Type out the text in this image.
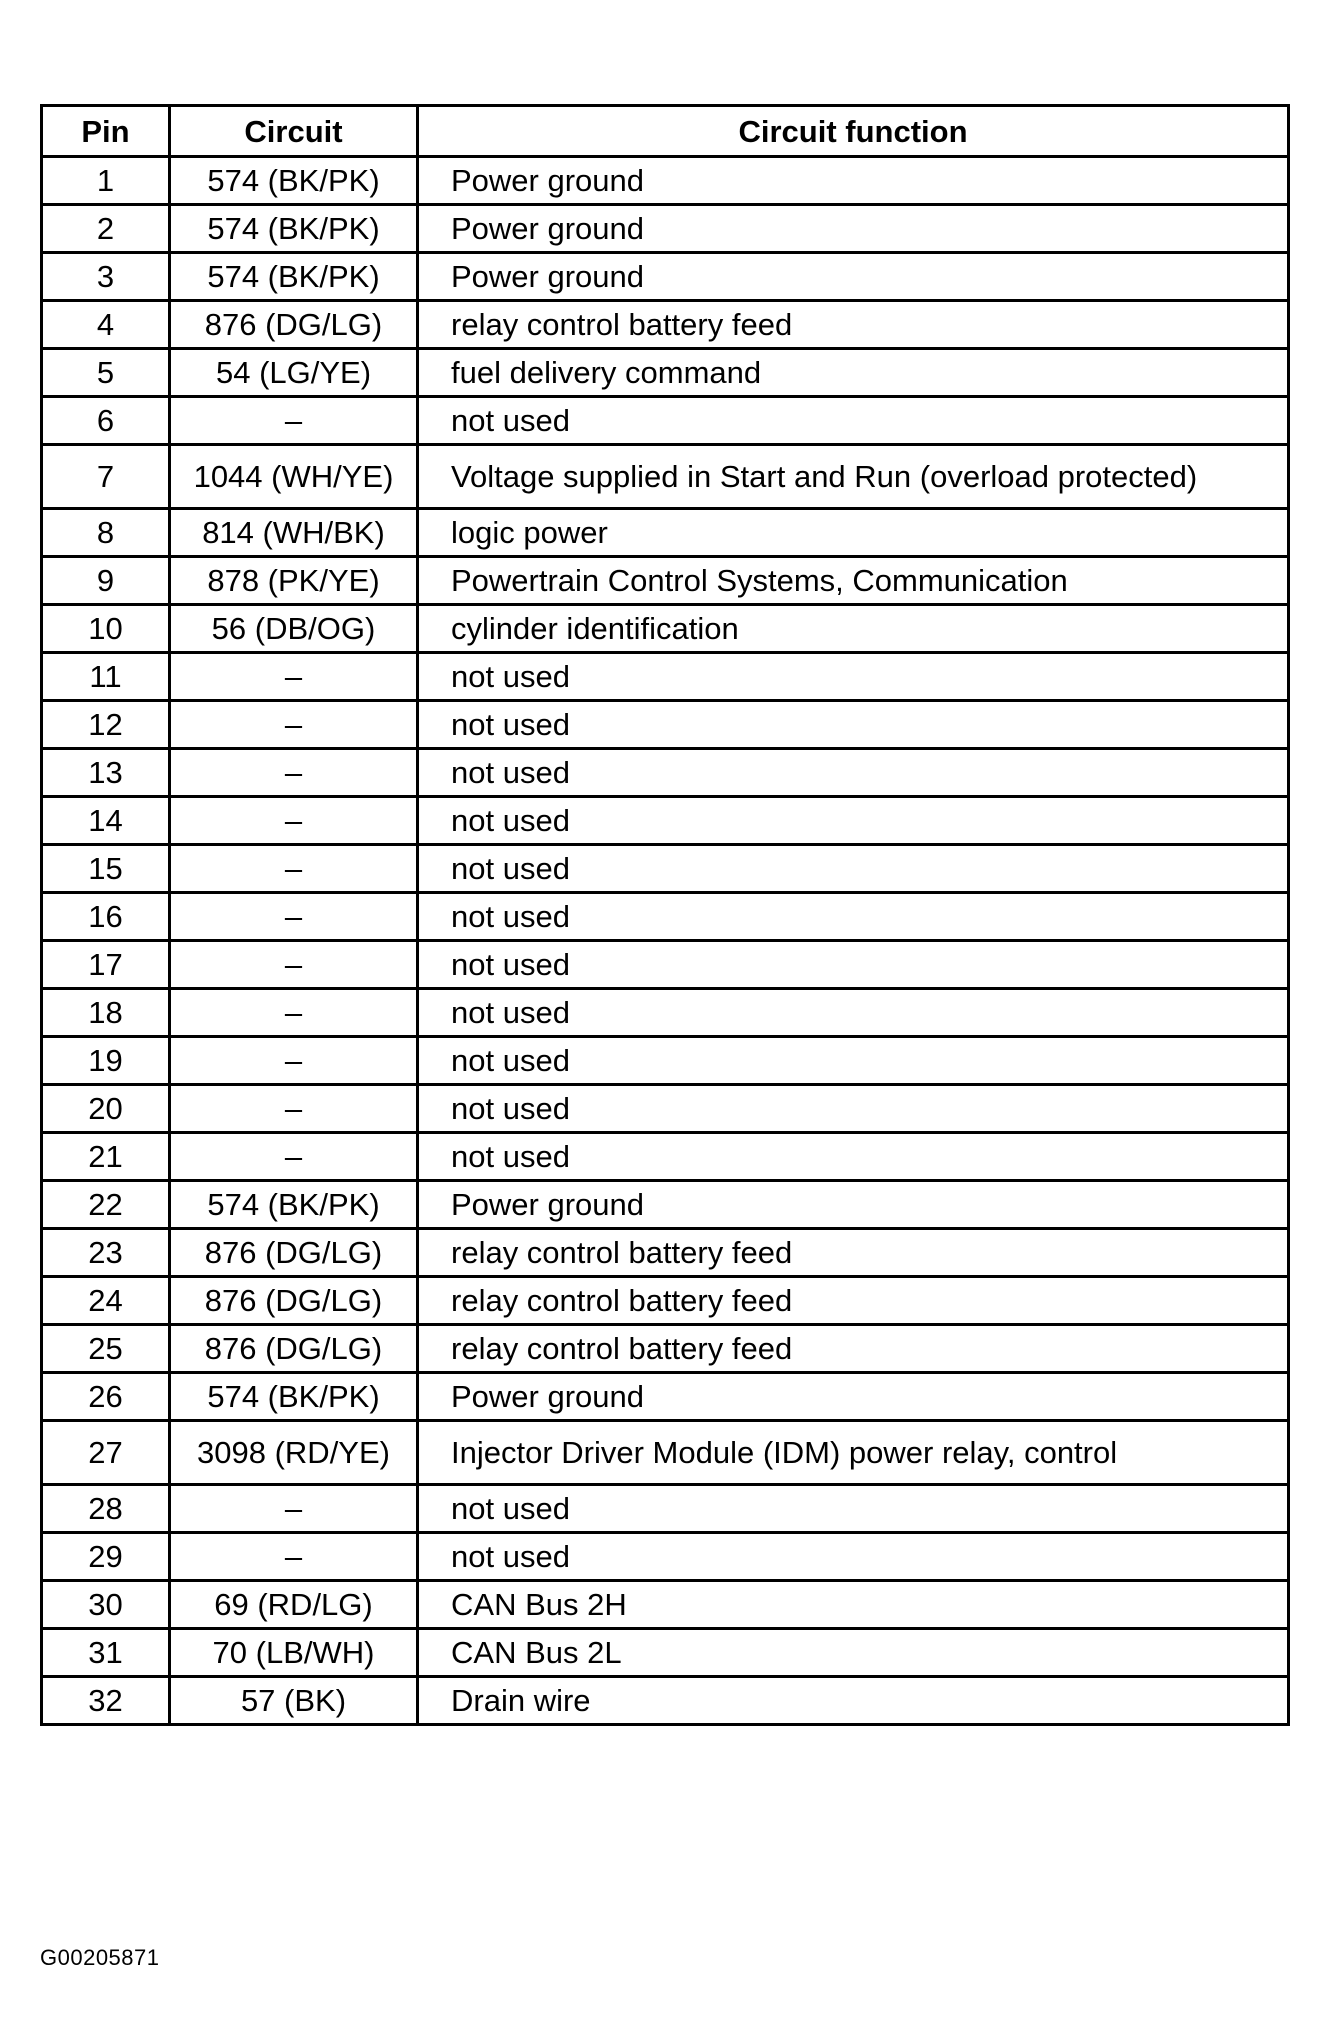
Pin	Circuit	Circuit function
1	574 (BK/PK)	Power ground
2	574 (BK/PK)	Power ground
3	574 (BK/PK)	Power ground
4	876 (DG/LG)	relay control battery feed
5	54 (LG/YE)	fuel delivery command
6	–	not used
7	1044 (WH/YE)	Voltage supplied in Start and Run (overload protected)
8	814 (WH/BK)	logic power
9	878 (PK/YE)	Powertrain Control Systems, Communication
10	56 (DB/OG)	cylinder identification
11	–	not used
12	–	not used
13	–	not used
14	–	not used
15	–	not used
16	–	not used
17	–	not used
18	–	not used
19	–	not used
20	–	not used
21	–	not used
22	574 (BK/PK)	Power ground
23	876 (DG/LG)	relay control battery feed
24	876 (DG/LG)	relay control battery feed
25	876 (DG/LG)	relay control battery feed
26	574 (BK/PK)	Power ground
27	3098 (RD/YE)	Injector Driver Module (IDM) power relay, control
28	–	not used
29	–	not used
30	69 (RD/LG)	CAN Bus 2H
31	70 (LB/WH)	CAN Bus 2L
32	57 (BK)	Drain wire
G00205871
